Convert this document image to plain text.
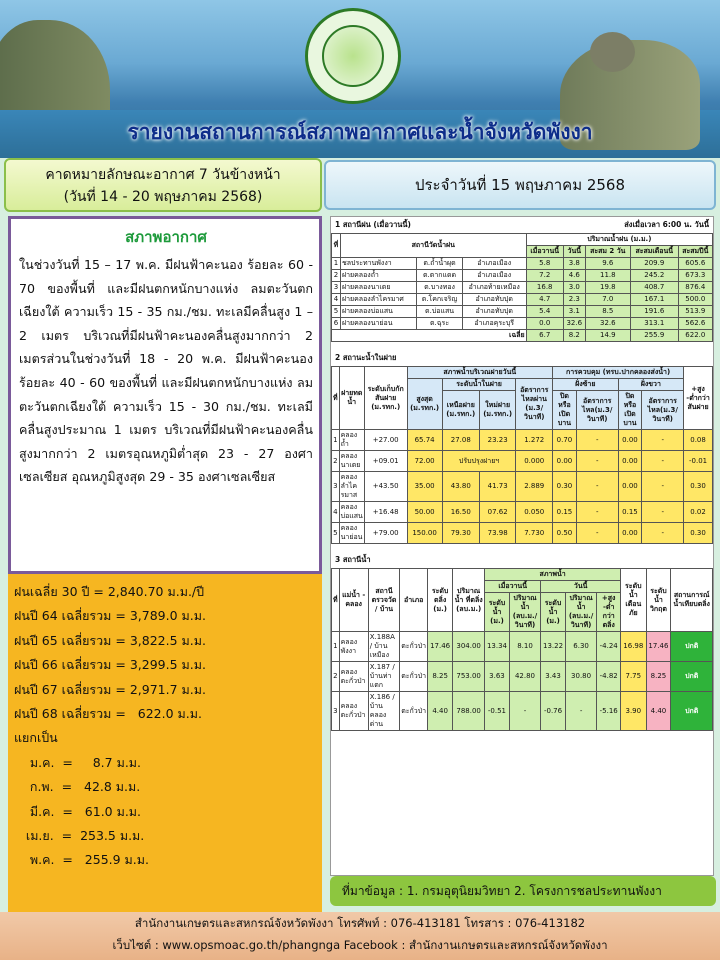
รายงานสถานการณ์สภาพอากาศและน้ำจังหวัดพังงา
คาดหมายลักษณะอากาศ 7 วันข้างหน้า
(วันที่ 14 - 20 พฤษภาคม 2568)
ประจำวันที่ 15 พฤษภาคม 2568
สภาพอากาศ
ในช่วงวันที่ 15 – 17 พ.ค. มีฝนฟ้าคะนอง ร้อยละ 60 - 70 ของพื้นที่ และมีฝนตกหนักบางแห่ง ลมตะวันตกเฉียงใต้ ความเร็ว 15 - 35 กม./ชม. ทะเลมีคลื่นสูง 1 – 2 เมตร บริเวณที่มีฝนฟ้าคะนองคลื่นสูงมากกว่า 2 เมตรส่วนในช่วงวันที่ 18 - 20 พ.ค. มีฝนฟ้าคะนอง ร้อยละ 40 - 60 ของพื้นที่ และมีฝนตกหนักบางแห่ง ลมตะวันตกเฉียงใต้ ความเร็ว 15 - 30 กม./ชม. ทะเลมีคลื่นสูงประมาณ 1 เมตร บริเวณที่มีฝนฟ้าคะนองคลื่นสูงมากกว่า 2 เมตรอุณหภูมิต่ำสุด 23 - 27 องศาเซลเซียส อุณหภูมิสูงสุด 29 - 35 องศาเซลเซียส
ฝนเฉลี่ย 30 ปี = 2,840.70 ม.ม./ปี
ฝนปี 64 เฉลี่ยรวม = 3,789.0 ม.ม.
ฝนปี 65 เฉลี่ยรวม = 3,822.5 ม.ม.
ฝนปี 66 เฉลี่ยรวม = 3,299.5 ม.ม.
ฝนปี 67 เฉลี่ยรวม = 2,971.7 ม.ม.
ฝนปี 68 เฉลี่ยรวม =   622.0 ม.ม.
แยกเป็น
ม.ค.  =     8.7 ม.ม.
ก.พ.  =   42.8 ม.ม.
มี.ค.  =   61.0 ม.ม.
เม.ย.  =  253.5 ม.ม.
พ.ค.  =   255.9 ม.ม.
1 สถานีฝน (เมื่อวานนี้)	ส่งเมื่อเวลา 6:00 น. วันนี้
ที่	สถานีวัดน้ำฝน			ปริมาณน้ำฝน (ม.ม.)				
				เมื่อวานนี้	วันนี้	สะสม 2 วัน	สะสมเดือนนี้	สะสมปีนี้
1	ชลประทานพังงา	ต.ถ้ำน้ำผุด	อำเภอเมือง	5.8	3.8	9.6	209.9	605.6
2	ฝายคลองถ้ำ	ต.ตากแดด	อำเภอเมือง	7.2	4.6	11.8	245.2	673.3
3	ฝายคลองนาเตย	ต.บางทอง	อำเภอท้ายเหมือง	16.8	3.0	19.8	408.7	876.4
4	ฝายคลองลำไครมาศ	ต.โคกเจริญ	อำเภอทับปุด	4.7	2.3	7.0	167.1	500.0
5	ฝายคลองบ่อแสน	ต.บ่อแสน	อำเภอทับปุด	5.4	3.1	8.5	191.6	513.9
6	ฝายคลองนาย่อน	ต.ฉุระ	อำเภอคุระบุรี	0.0	32.6	32.6	313.1	562.6
เฉลี่ย				6.7	8.2	14.9	255.9	622.0
2 สถานะน้ำในฝาย
ที่	ฝายทดน้ำ	ระดับเก็บกัก สันฝาย (ม.รทก.)	สภาพน้ำบริเวณฝายวันนี้				การควบคุม (ทรบ.ปากคลองส่งน้ำ)				+สูง -ต่ำกว่า สันฝาย
			สูงสุด (ม.รทก.)	ระดับน้ำในฝาย		อัตราการ ไหลผ่าน (ม.3/วินาที)	ฝั่งซ้าย		ฝั่งขวา		
				เหนือฝาย (ม.รทก.)	ใหม่ฝาย (ม.รทก.)		ปิดหรือเปิดบาน	อัตราการไหล(ม.3/วินาที)	ปิดหรือเปิดบาน	อัตราการไหล(ม.3/วินาที)	
1	คลองถ้ำ	+27.00	65.74	27.08	23.23	1.272	0.70	-	0.00	-	0.08
2	คลองนาเตย	+09.01	72.00	ปรับปรุงฝายฯ		0.000	0.00	-	0.00	-	-0.01
3	คลองลำไครมาส	+43.50	35.00	43.80	41.73	2.889	0.30	-	0.00	-	0.30
4	คลองบ่อแสน	+16.48	50.00	16.50	07.62	0.050	0.15	-	0.15	-	0.02
5	คลองนาย่อน	+79.00	150.00	79.30	73.98	7.730	0.50	-	0.00	-	0.30
3 สถานีน้ำ
ที่	แม่น้ำ - คลอง	สถานีตรวจวัด / บ้าน	อำเภอ	ระดับ ตลิ่ง (ม.)	ปริมาณน้ำ ที่ตลิ่ง (ลบ.ม.)	สภาพน้ำ					ระดับน้ำ เตือนภัย	ระดับน้ำ วิกฤต	สถานการณ์ น้ำเทียบตลิ่ง
						เมื่อวานนี้		วันนี้					
						ระดับน้ำ (ม.)	ปริมาณน้ำ (ลบ.ม./วินาที)	ระดับน้ำ (ม.)	ปริมาณน้ำ (ลบ.ม./วินาที)	+สูง -ต่ำกว่า ตลิ่ง			
1	คลองพังงา	X.188A / บ้านเหมือง	ตะกั่วป่า	17.46	304.00	13.34	8.10	13.22	6.30	-4.24	16.98	17.46	ปกติ
2	คลองตะกั่วป่า	X.187 / บ้านท่าแตก	ตะกั่วป่า	8.25	753.00	3.63	42.80	3.43	30.80	-4.82	7.75	8.25	ปกติ
3	คลองตะกั่วป่า	X.186 / บ้านคลองด่าน	ตะกั่วป่า	4.40	788.00	-0.51	-	-0.76	-	-5.16	3.90	4.40	ปกติ
ที่มาข้อมูล : 1. กรมอุตุนิยมวิทยา 2. โครงการชลประทานพังงา
สำนักงานเกษตรและสหกรณ์จังหวัดพังงา โทรศัพท์ : 076-413181 โทรสาร : 076-413182
เว็บไซต์ : www.opsmoac.go.th/phangnga Facebook : สำนักงานเกษตรและสหกรณ์จังหวัดพังงา
